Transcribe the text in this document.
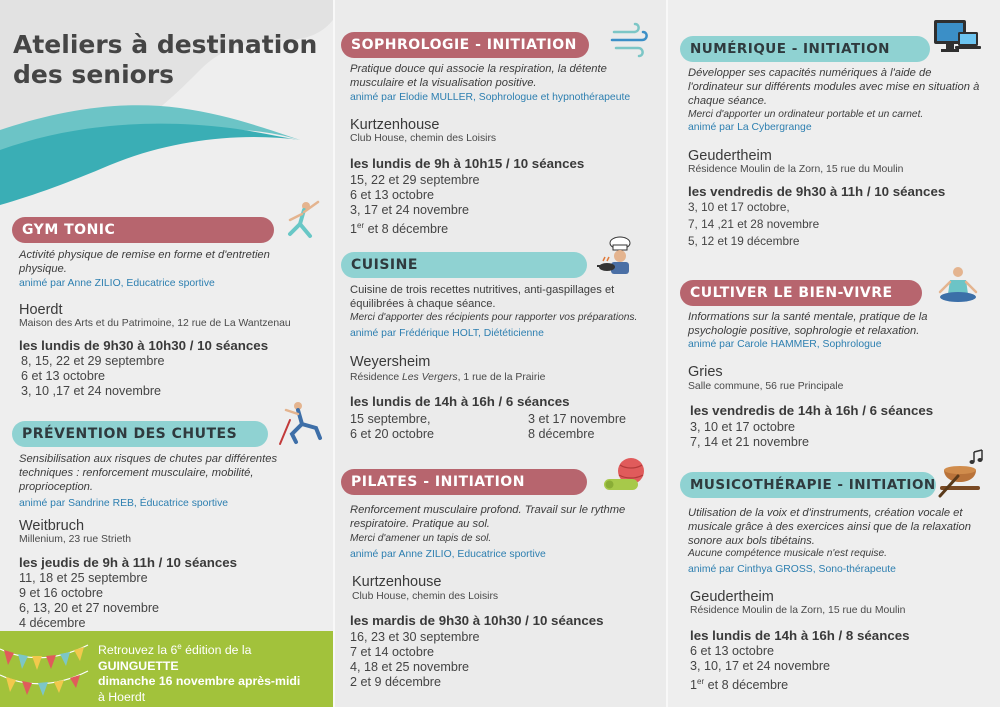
Ateliers à destination des seniors
GYM TONIC
Activité physique de remise en forme et d'entretien physique.
animé par Anne ZILIO, Educatrice sportive
Hoerdt
Maison des Arts et du Patrimoine, 12 rue de La Wantzenau
les lundis de 9h30 à 10h30 / 10 séances
8, 15, 22 et 29 septembre
6 et 13 octobre
3, 10 ,17 et 24 novembre
PRÉVENTION DES CHUTES
Sensibilisation aux risques de chutes par différentes techniques : renforcement musculaire, mobilité, proprioception.
animé par Sandrine REB, Éducatrice sportive
Weitbruch
Millenium, 23 rue Strieth
les jeudis de 9h à 11h / 10 séances
11, 18 et 25 septembre
9 et 16 octobre
6, 13, 20 et 27 novembre
4 décembre
Retrouvez la 6e édition de la
GUINGUETTE
dimanche 16 novembre après-midi
à Hoerdt
SOPHROLOGIE - INITIATION
Pratique douce qui associe la respiration, la détente musculaire et la visualisation positive.
animé par Elodie MULLER, Sophrologue et hypnothérapeute
Kurtzenhouse
Club House, chemin des Loisirs
les lundis de 9h à 10h15 / 10 séances
15, 22 et 29 septembre
6 et 13 octobre
3, 17 et 24 novembre
1er et 8 décembre
CUISINE
Cuisine de trois recettes nutritives, anti-gaspillages et équilibrées à chaque séance.
Merci d'apporter des récipients pour rapporter vos préparations.
animé par Frédérique HOLT, Diététicienne
Weyersheim
Résidence Les Vergers, 1 rue de la Prairie
les lundis de 14h à 16h / 6 séances
15 septembre,
6 et 20 octobre
3 et 17 novembre
8 décembre
PILATES - INITIATION
Renforcement musculaire profond. Travail sur le rythme respiratoire. Pratique au sol.
Merci d'amener un tapis de sol.
animé par Anne ZILIO, Educatrice sportive
Kurtzenhouse
Club House, chemin des Loisirs
les mardis de 9h30 à 10h30 / 10 séances
16, 23 et 30 septembre
7 et 14 octobre
4, 18 et 25 novembre
2 et 9 décembre
NUMÉRIQUE - INITIATION
Développer ses capacités numériques à l'aide de l'ordinateur sur différents modules avec mise en situation à chaque séance.
Merci d'apporter un ordinateur portable et un carnet.
animé par La Cybergrange
Geudertheim
Résidence Moulin de la Zorn, 15 rue du Moulin
les vendredis de 9h30 à 11h / 10 séances
3, 10 et 17 octobre,
7, 14 ,21 et 28 novembre
5, 12 et 19 décembre
CULTIVER LE BIEN-VIVRE
Informations sur la santé mentale, pratique de la psychologie positive, sophrologie et relaxation.
animé par Carole HAMMER, Sophrologue
Gries
Salle commune, 56 rue Principale
les vendredis de 14h à 16h / 6 séances
3, 10 et 17 octobre
7, 14 et 21 novembre
MUSICOTHÉRAPIE - INITIATION
Utilisation de la voix et d'instruments, création vocale et musicale grâce à des exercices ainsi que de la relaxation sonore aux bols tibétains.
Aucune compétence musicale n'est requise.
animé par Cinthya GROSS, Sono-thérapeute
Geudertheim
Résidence Moulin de la Zorn, 15 rue du Moulin
les lundis de 14h à 16h / 8 séances
6 et 13 octobre
3, 10, 17 et 24 novembre
1er et 8 décembre
